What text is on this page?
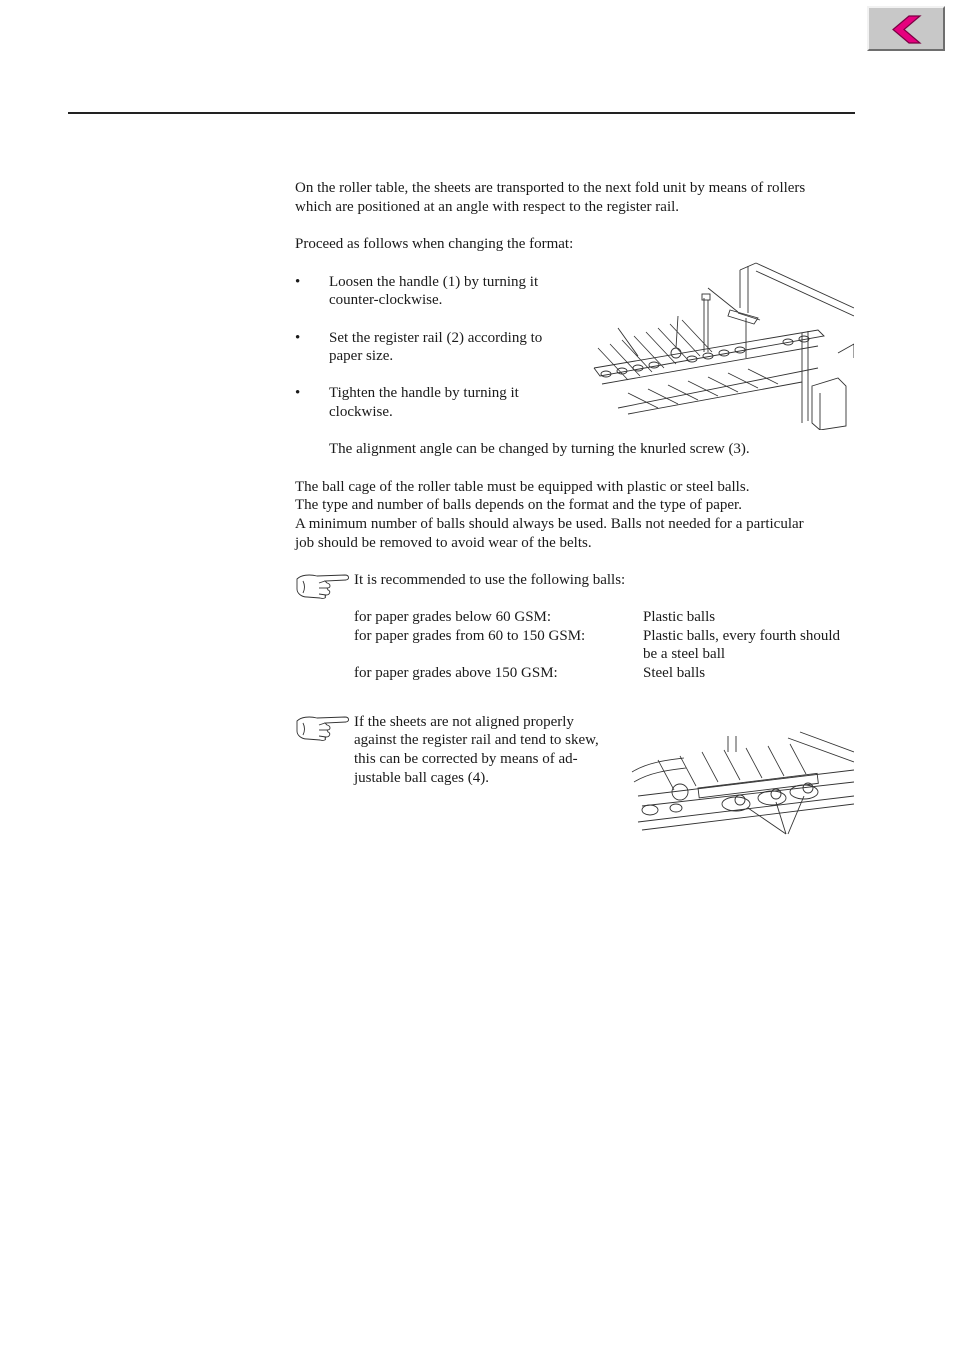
On the roller table, the sheets are transported to the next fold unit by means of rollers
which are positioned at an angle with respect to the register rail.
Proceed as follows when changing the format:
• Loosen the handle (1) by turning it
counter-clockwise.
• Set the register rail (2) according to
paper size.
• Tighten the handle by turning it
clockwise.
The alignment angle can be changed by turning the knurled screw (3).
The ball cage of the roller table must be equipped with plastic or steel balls.
The type and number of balls depends on the format and the type of paper.
A minimum number of balls should always be used. Balls not needed for a particular
job should be removed to avoid wear of the belts.
It is recommended to use the following balls:
for paper grades below 60 GSM:	Plastic balls
for paper grades from 60 to 150 GSM:	Plastic balls, every fourth should
be a steel ball
for paper grades above 150 GSM:	Steel balls
If the sheets are not aligned properly
against the register rail and tend to skew,
this can be corrected by means of ad-
justable ball cages (4).
